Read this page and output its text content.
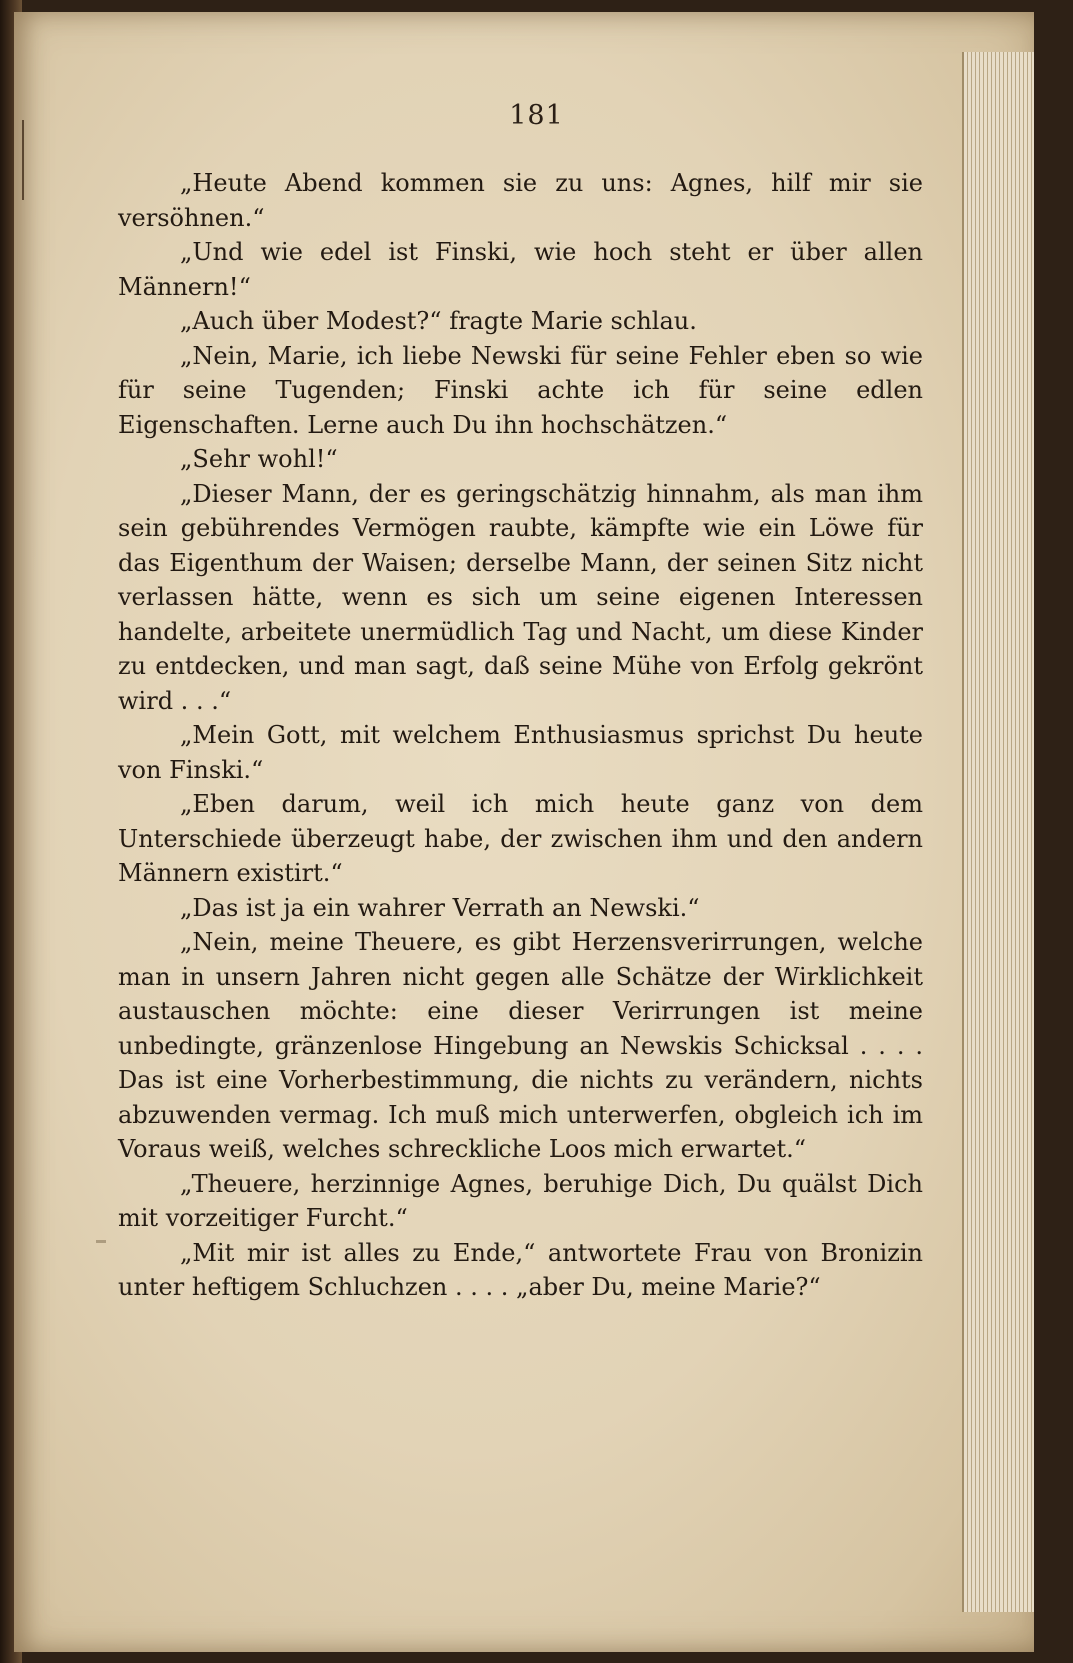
181

„Heute Abend kommen sie zu uns: Agnes, hilf mir sie versöhnen.“

„Und wie edel ist Finski, wie hoch steht er über allen Männern!“

„Auch über Modest?“ fragte Marie schlau.

„Nein, Marie, ich liebe Newski für seine Fehler eben so wie für seine Tugenden; Finski achte ich für seine edlen Eigenschaften. Lerne auch Du ihn hochschätzen.“

„Sehr wohl!“

„Dieser Mann, der es geringschätzig hinnahm, als man ihm sein gebührendes Vermögen raubte, kämpfte wie ein Löwe für das Eigenthum der Waisen; derselbe Mann, der seinen Sitz nicht verlassen hätte, wenn es sich um seine eigenen Interessen handelte, arbeitete unermüdlich Tag und Nacht, um diese Kinder zu entdecken, und man sagt, daß seine Mühe von Erfolg gekrönt wird . . .“

„Mein Gott, mit welchem Enthusiasmus sprichst Du heute von Finski.“

„Eben darum, weil ich mich heute ganz von dem Unterschiede überzeugt habe, der zwischen ihm und den andern Männern existirt.“

„Das ist ja ein wahrer Verrath an Newski.“

„Nein, meine Theuere, es gibt Herzensverirrungen, welche man in unsern Jahren nicht gegen alle Schätze der Wirklichkeit austauschen möchte: eine dieser Verirrungen ist meine unbedingte, gränzenlose Hingebung an Newskis Schicksal . . . . Das ist eine Vorherbestimmung, die nichts zu verändern, nichts abzuwenden vermag. Ich muß mich unterwerfen, obgleich ich im Voraus weiß, welches schreckliche Loos mich erwartet.“

„Theuere, herzinnige Agnes, beruhige Dich, Du quälst Dich mit vorzeitiger Furcht.“

„Mit mir ist alles zu Ende,“ antwortete Frau von Bronizin unter heftigem Schluchzen . . . . „aber Du, meine Marie?“
